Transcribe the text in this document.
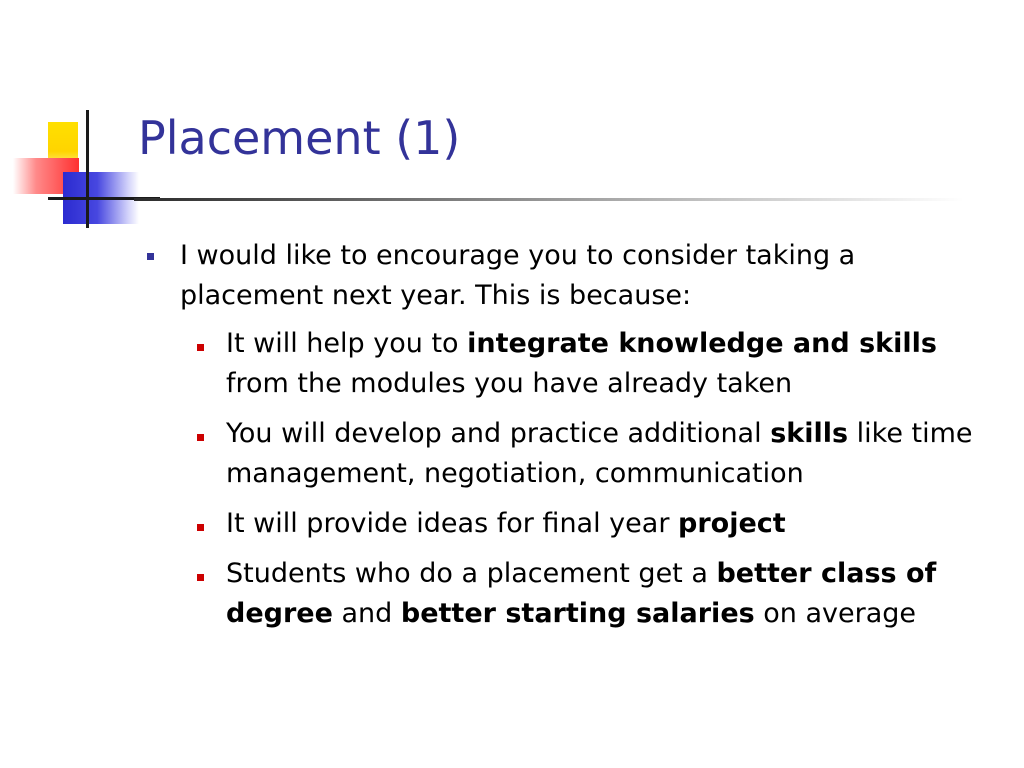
Placement (1)
I would like to encourage you to consider taking a placement next year. This is because:
It will help you to integrate knowledge and skills from the modules you have already taken
You will develop and practice additional skills like time management, negotiation, communication
It will provide ideas for final year project
Students who do a placement get a better class of degree and better starting salaries on average
